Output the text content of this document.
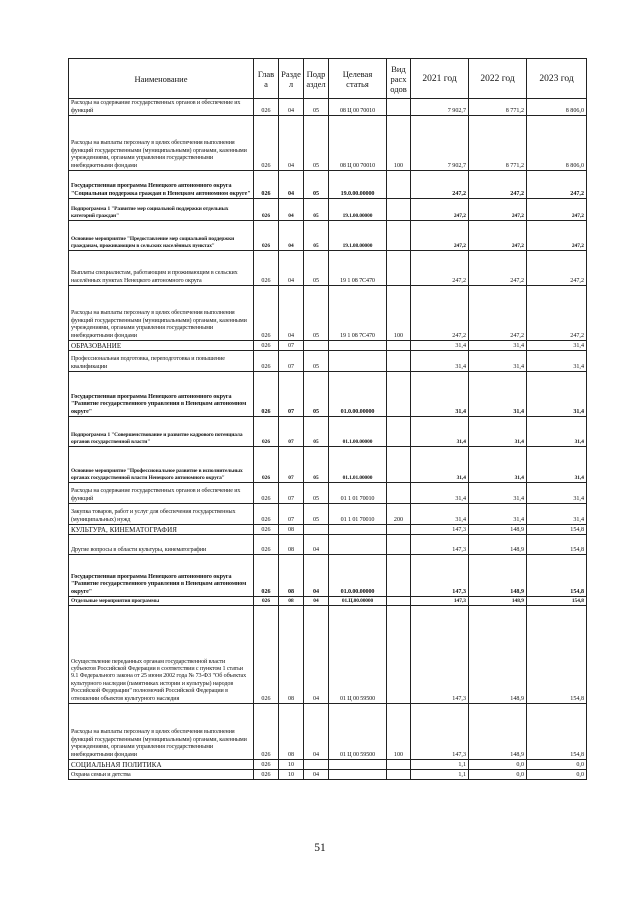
Наименование	Глав а	Разде л	Подр аздел	Целевая статья	Вид расх одов	2021 год	2022 год	2023 год
Расходы на содержание государственных органов и обеспечение их функций	026	04	05	08 Ц 00 70010		7 902,7	8 771,2	8 806,0
Расходы на выплаты персоналу в целях обеспечения выполнения функций государственными (муниципальными) органами, казенными учреждениями, органами управления государственными внебюджетными фондами	026	04	05	08 Ц 00 70010	100	7 902,7	8 771,2	8 806,0
Государственная программа Ненецкого автономного округа "Социальная поддержка граждан в Ненецком автономном округе"	026	04	05	19.0.00.00000		247,2	247,2	247,2
Подпрограмма 1 "Развитие мер социальной поддержки отдельных категорий граждан"	026	04	05	19.1.00.00000		247,2	247,2	247,2
Основное мероприятие "Предоставление мер социальной поддержки гражданам, проживающим в сельских населённых пунктах"	026	04	05	19.1.08.00000		247,2	247,2	247,2
Выплаты специалистам, работающим и проживающим в сельских населённых пунктах Ненецкого автономного округа	026	04	05	19 1 08 7С470		247,2	247,2	247,2
Расходы на выплаты персоналу в целях обеспечения выполнения функций государственными (муниципальными) органами, казенными учреждениями, органами управления государственными внебюджетными фондами	026	04	05	19 1 08 7С470	100	247,2	247,2	247,2
ОБРАЗОВАНИЕ	026	07				31,4	31,4	31,4
Профессиональная подготовка, переподготовка и повышение квалификации	026	07	05			31,4	31,4	31,4
Государственная программа Ненецкого автономного округа "Развитие государственного управления в Ненецком автономном округе"	026	07	05	01.0.00.00000		31,4	31,4	31,4
Подпрограмма 1 "Совершенствование и развитие кадрового потенциала органов государственной власти"	026	07	05	01.1.00.00000		31,4	31,4	31,4
Основное мероприятие "Профессиональное развитие в исполнительных органах государственной власти Ненецкого автономного округа"	026	07	05	01.1.01.00000		31,4	31,4	31,4
Расходы на содержание государственных органов и обеспечение их функций	026	07	05	01 1 01 70010		31,4	31,4	31,4
Закупка товаров, работ и услуг для обеспечения государственных (муниципальных) нужд	026	07	05	01 1 01 70010	200	31,4	31,4	31,4
КУЛЬТУРА, КИНЕМАТОГРАФИЯ	026	08				147,3	148,9	154,8
Другие вопросы в области культуры, кинематографии	026	08	04			147,3	148,9	154,8
Государственная программа Ненецкого автономного округа "Развитие государственного управления в Ненецком автономном округе"	026	08	04	01.0.00.00000		147,3	148,9	154,8
Отдельные мероприятия программы	026	08	04	01.Ц.00.00000		147,3	148,9	154,8
Осуществление переданных органам государственной власти субъектов Российской Федерации в соответствии с пунктом 1 статьи 9.1 Федерального закона от 25 июня 2002 года № 73-ФЗ "Об объектах культурного наследия (памятниках истории и культуры) народов Российской Федерации" полномочий Российской Федерации в отношении объектов культурного наследия	026	08	04	01 Ц 00 59500		147,3	148,9	154,8
Расходы на выплаты персоналу в целях обеспечения выполнения функций государственными (муниципальными) органами, казенными учреждениями, органами управления государственными внебюджетными фондами	026	08	04	01 Ц 00 59500	100	147,3	148,9	154,8
СОЦИАЛЬНАЯ ПОЛИТИКА	026	10				1,1	0,0	0,0
Охрана семьи и детства	026	10	04			1,1	0,0	0,0
51
